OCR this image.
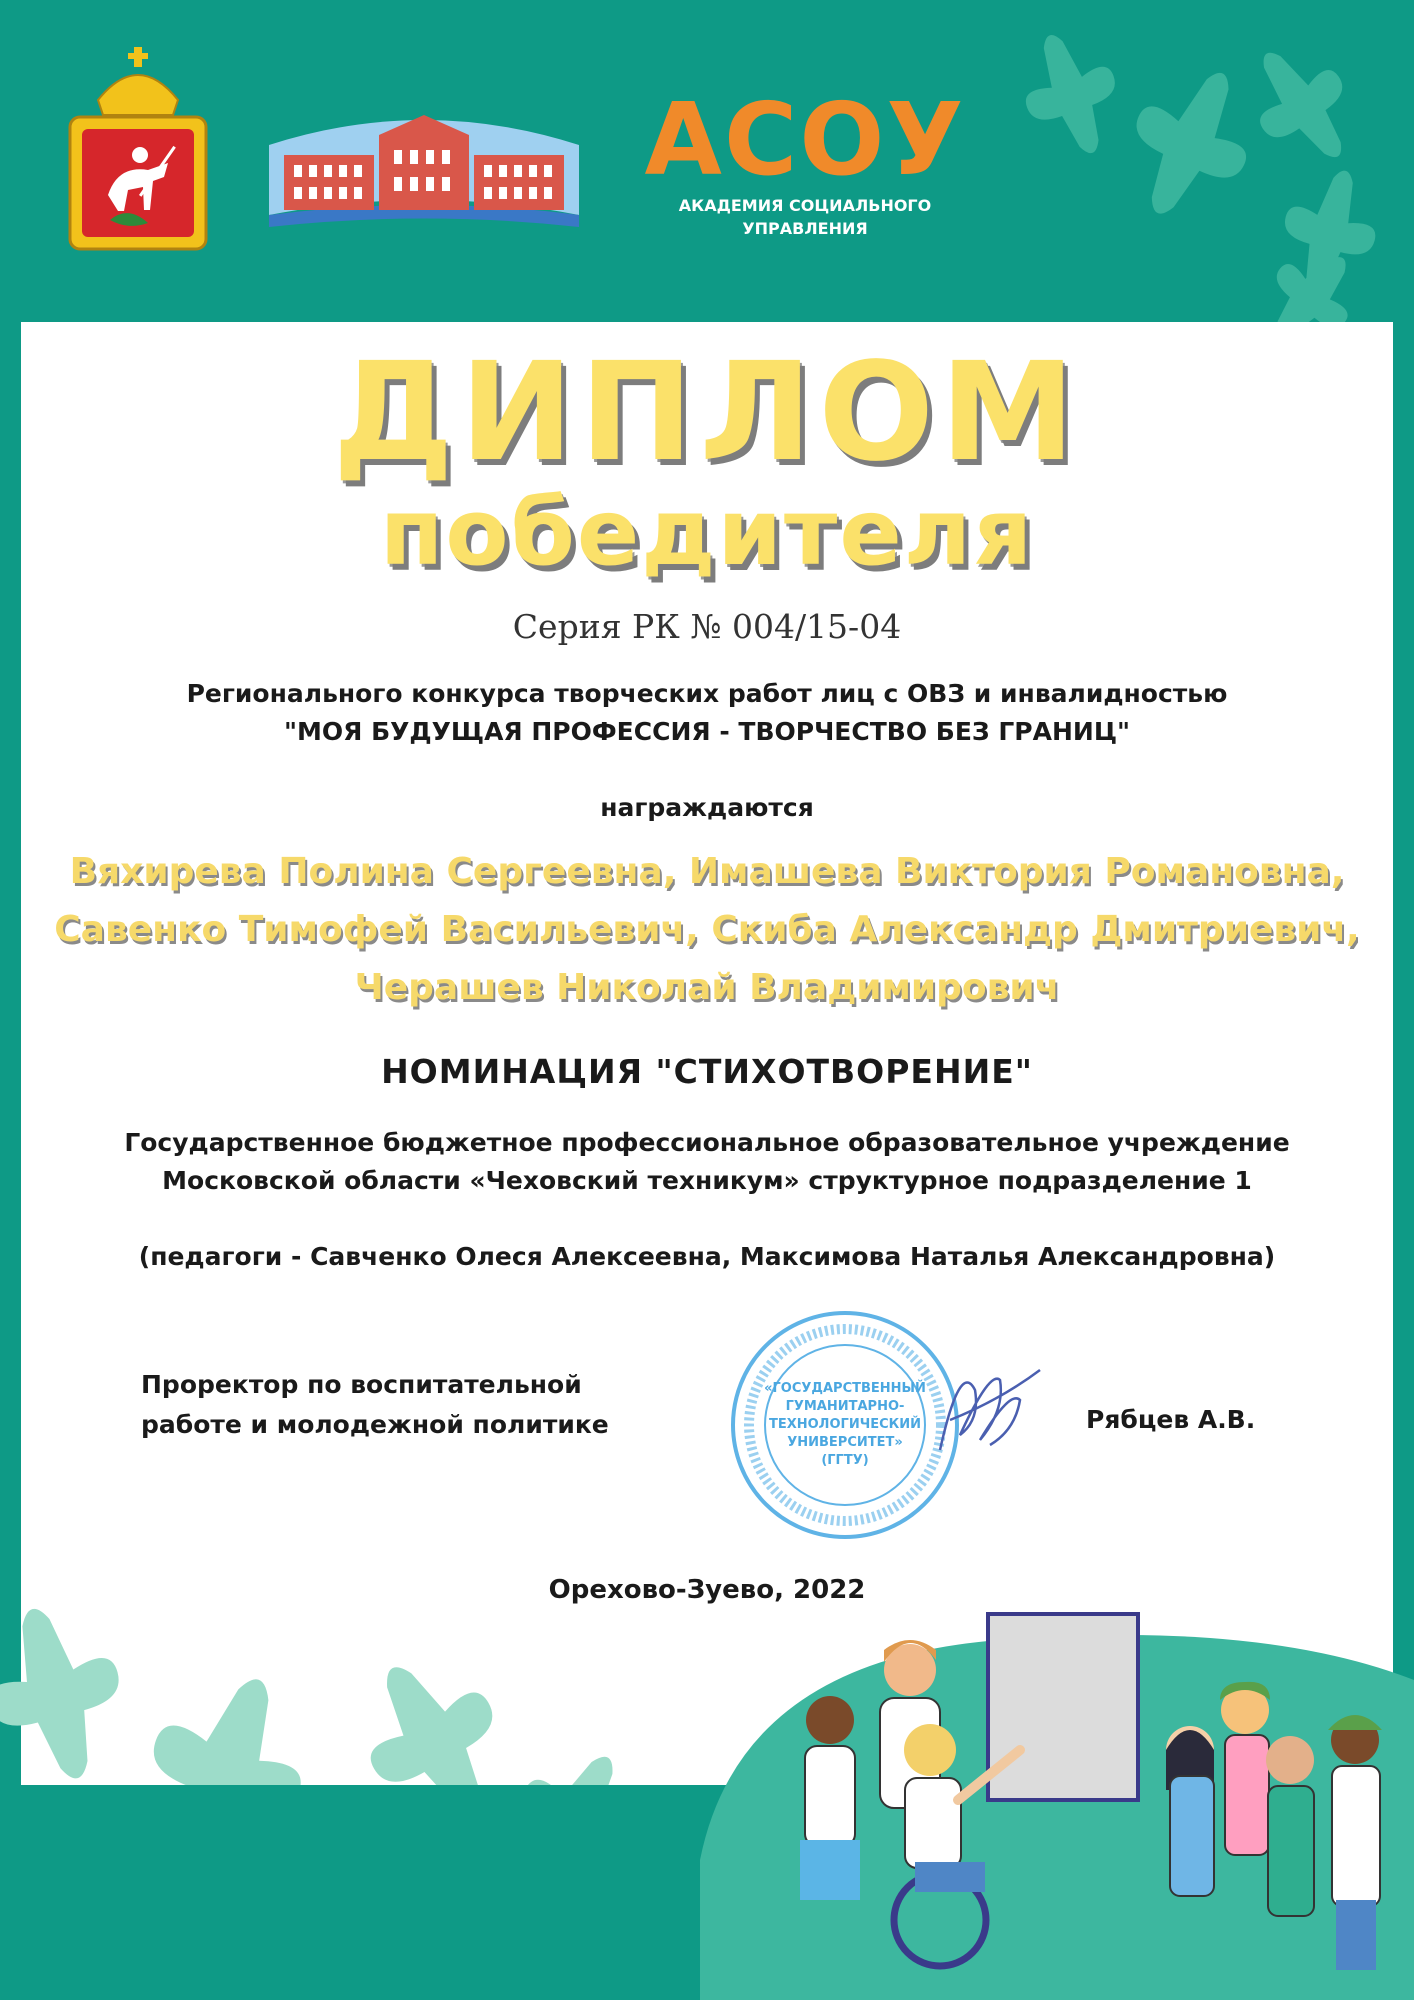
АСОУ
АКАДЕМИЯ СОЦИАЛЬНОГО
УПРАВЛЕНИЯ
ДИПЛОМ
победителя
Серия РК № 004/15-04
Регионального конкурса творческих работ лиц с ОВЗ и инвалидностью
"МОЯ БУДУЩАЯ ПРОФЕССИЯ - ТВОРЧЕСТВО БЕЗ ГРАНИЦ"
награждаются
Вяхирева Полина Сергеевна, Имашева Виктория Романовна,
Савенко Тимофей Васильевич, Скиба Александр Дмитриевич,
Черашев Николай Владимирович
НОМИНАЦИЯ "СТИХОТВОРЕНИЕ"
Государственное бюджетное профессиональное образовательное учреждение
Московской области «Чеховский техникум» структурное подразделение 1
(педагоги - Савченко Олеся Алексеевна, Максимова Наталья Александровна)
Проректор по воспитательной
работе и молодежной политике
«ГОСУДАРСТВЕННЫЙ
ГУМАНИТАРНО-
ТЕХНОЛОГИЧЕСКИЙ
УНИВЕРСИТЕТ»
(ГГТУ)
Рябцев А.В.
Орехово-Зуево, 2022
